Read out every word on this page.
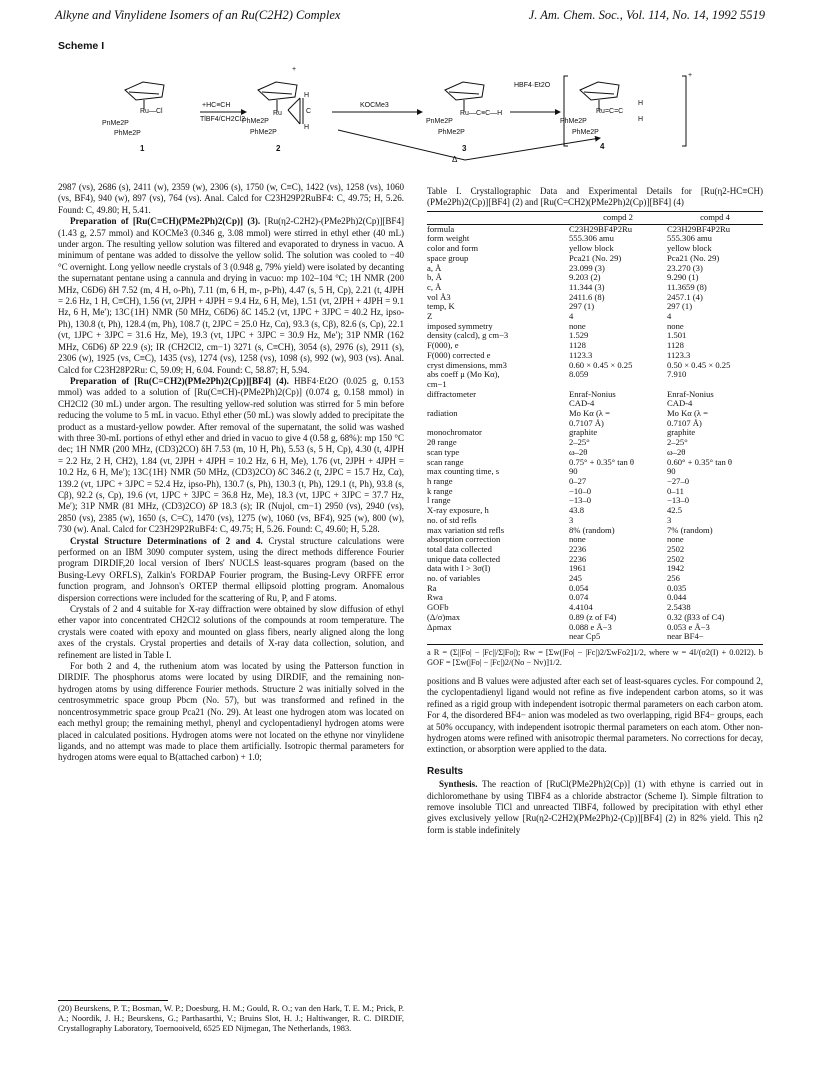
Alkyne and Vinylidene Isomers of an Ru(C2H2) Complex	J. Am. Chem. Soc., Vol. 114, No. 14, 1992 5519
Scheme I
Ru—Cl
PnMe2P
PhMe2P
1
+HC≡CH
TlBF4/CH2Cl2
+
H
H
C
Ru
PhMe2P
PhMe2P
2
KOCMe3
Ru—C≡C—H
PnMe2P
PhMe2P
3
HBF4·Et2O
+
Ru=C=C
H
H
PhMe2P
PhMe2P
4
Δ

2987 (vs), 2686 (s), 2411 (w), 2359 (w), 2306 (s), 1750 (w, C≡C), 1422 (vs), 1258 (vs), 1060 (vs, BF4), 940 (w), 897 (vs), 764 (vs). Anal. Calcd for C23H29P2RuBF4: C, 49.75; H, 5.26. Found: C, 49.80; H, 5.41.

Preparation of [Ru(C≡CH)(PMe2Ph)2(Cp)] (3). [Ru(η2-C2H2)-(PMe2Ph)2(Cp)][BF4] (1.43 g, 2.57 mmol) and KOCMe3 (0.346 g, 3.08 mmol) were stirred in ethyl ether (40 mL) under argon. The resulting yellow solution was filtered and evaporated to dryness in vacuo. A minimum of pentane was added to dissolve the yellow solid. The solution was cooled to −40 °C overnight. Long yellow needle crystals of 3 (0.948 g, 79% yield) were isolated by decanting the supernatant pentane using a cannula and drying in vacuo: mp 102–104 °C; 1H NMR (200 MHz, C6D6) δH 7.52 (m, 4 H, o-Ph), 7.11 (m, 6 H, m-, p-Ph), 4.47 (s, 5 H, Cp), 2.21 (t, 4JPH = 2.6 Hz, 1 H, C≡CH), 1.56 (vt, 2JPH + 4JPH = 9.4 Hz, 6 H, Me), 1.51 (vt, 2JPH + 4JPH = 9.1 Hz, 6 H, Me′); 13C{1H} NMR (50 MHz, C6D6) δC 145.2 (vt, 1JPC + 3JPC = 40.2 Hz, ipso-Ph), 130.8 (t, Ph), 128.4 (m, Ph), 108.7 (t, 2JPC = 25.0 Hz, Cα), 93.3 (s, Cβ), 82.6 (s, Cp), 22.1 (vt, 1JPC + 3JPC = 31.6 Hz, Me), 19.3 (vt, 1JPC + 3JPC = 30.9 Hz, Me′); 31P NMR (162 MHz, C6D6) δP 22.9 (s); IR (CH2Cl2, cm−1) 3271 (s, C≡CH), 3054 (s), 2976 (s), 2911 (s), 2306 (w), 1925 (vs, C≡C), 1435 (vs), 1274 (vs), 1258 (vs), 1098 (s), 992 (w), 903 (vs). Anal. Calcd for C23H28P2Ru: C, 59.09; H, 6.04. Found: C, 58.87; H, 5.94.

Preparation of [Ru(C=CH2)(PMe2Ph)2(Cp)][BF4] (4). HBF4·Et2O (0.025 g, 0.153 mmol) was added to a solution of [Ru(C≡CH)-(PMe2Ph)2(Cp)] (0.074 g, 0.158 mmol) in CH2Cl2 (30 mL) under argon. The resulting yellow-red solution was stirred for 5 min before reducing the volume to 5 mL in vacuo. Ethyl ether (50 mL) was slowly added to precipitate the product as a mustard-yellow powder. After removal of the supernatant, the solid was washed with three 30-mL portions of ethyl ether and dried in vacuo to give 4 (0.58 g, 68%): mp 150 °C dec; 1H NMR (200 MHz, (CD3)2CO) δH 7.53 (m, 10 H, Ph), 5.53 (s, 5 H, Cp), 4.30 (t, 4JPH = 2.2 Hz, 2 H, CH2), 1.84 (vt, 2JPH + 4JPH = 10.2 Hz, 6 H, Me), 1.76 (vt, 2JPH + 4JPH = 10.2 Hz, 6 H, Me′); 13C{1H} NMR (50 MHz, (CD3)2CO) δC 346.2 (t, 2JPC = 15.7 Hz, Cα), 139.2 (vt, 1JPC + 3JPC = 52.4 Hz, ipso-Ph), 130.7 (s, Ph), 130.3 (t, Ph), 129.1 (t, Ph), 93.8 (s, Cβ), 92.2 (s, Cp), 19.6 (vt, 1JPC + 3JPC = 36.8 Hz, Me), 18.3 (vt, 1JPC + 3JPC = 37.7 Hz, Me′); 31P NMR (81 MHz, (CD3)2CO) δP 18.3 (s); IR (Nujol, cm−1) 2950 (vs), 2940 (vs), 2850 (vs), 2385 (w), 1650 (s, C=C), 1470 (vs), 1275 (w), 1060 (vs, BF4), 925 (w), 800 (w), 730 (w). Anal. Calcd for C23H29P2RuBF4: C, 49.75; H, 5.26. Found: C, 49.60; H, 5.28.

Crystal Structure Determinations of 2 and 4. Crystal structure calculations were performed on an IBM 3090 computer system, using the direct methods difference Fourier program DIRDIF,20 local version of Ibers' NUCLS least-squares program (based on the Busing-Levy ORFLS), Zalkin's FORDAP Fourier program, the Busing-Levy ORFFE error function program, and Johnson's ORTEP thermal ellipsoid plotting program. Anomalous dispersion corrections were included for the scattering of Ru, P, and F atoms.

Crystals of 2 and 4 suitable for X-ray diffraction were obtained by slow diffusion of ethyl ether vapor into concentrated CH2Cl2 solutions of the compounds at room temperature. The crystals were coated with epoxy and mounted on glass fibers, nearly aligned along the long axes of the crystals. Crystal properties and details of X-ray data collection, solution, and refinement are listed in Table I.

For both 2 and 4, the ruthenium atom was located by using the Patterson function in DIRDIF. The phosphorus atoms were located by using DIRDIF, and the remaining non-hydrogen atoms by using difference Fourier methods. Structure 2 was initially solved in the centrosymmetric space group Pbcm (No. 57), but was transformed and refined in the noncentrosymmetric space group Pca21 (No. 29). At least one hydrogen atom was located on each methyl group; the remaining methyl, phenyl and cyclopentadienyl hydrogen atoms were placed in calculated positions. Hydrogen atoms were not located on the ethyne nor vinylidene ligands, and no attempt was made to place them artificially. Isotropic thermal parameters for hydrogen atoms were equal to B(attached carbon) + 1.0;

(20) Beurskens, P. T.; Bosman, W. P.; Doesburg, H. M.; Gould, R. O.; van den Hark, T. E. M.; Prick, P. A.; Noordik, J. H.; Beurskens, G.; Parthasarthi, V.; Bruins Slot, H. J.; Haltiwanger, R. C. DIRDIF, Crystallography Laboratory, Toernooiveld, 6525 ED Nijmegan, The Netherlands, 1983.
Table I. Crystallographic Data and Experimental Details for [Ru(η2-HC≡CH)(PMe2Ph)2(Cp)][BF4] (2) and [Ru(C=CH2)(PMe2Ph)2(Cp)][BF4] (4)
	compd 2	compd 4
formula	C23H29BF4P2Ru	C23H29BF4P2Ru
form weight	555.306 amu	555.306 amu
color and form	yellow block	yellow block
space group	Pca21 (No. 29)	Pca21 (No. 29)
a, Å	23.099 (3)	23.270 (3)
b, Å	9.203 (2)	9.290 (1)
c, Å	11.344 (3)	11.3659 (8)
vol Å3	2411.6 (8)	2457.1 (4)
temp, K	297 (1)	297 (1)
Z	4	4
imposed symmetry	none	none
density (calcd), g cm−3	1.529	1.501
F(000), e	1128	1128
F(000) corrected e	1123.3	1123.3
cryst dimensions, mm3	0.60 × 0.45 × 0.25	0.50 × 0.45 × 0.25
abs coeff μ (Mo Kα),	8.059	7.910
cm−1		
diffractometer	Enraf-Nonius	Enraf-Nonius
	CAD-4	CAD-4
radiation	Mo Kα (λ =	Mo Kα (λ =
	0.7107 Å)	0.7107 Å)
monochromator	graphite	graphite
2θ range	2–25°	2–25°
scan type	ω–2θ	ω–2θ
scan range	0.75° + 0.35° tan θ	0.60° + 0.35° tan θ
max counting time, s	90	90
h range	0–27	−27–0
k range	−10–0	0–11
l range	−13–0	−13–0
X-ray exposure, h	43.8	42.5
no. of std refls	3	3
max variation std refls	8% (random)	7% (random)
absorption correction	none	none
total data collected	2236	2502
unique data collected	2236	2502
data with I > 3σ(I)	1961	1942
no. of variables	245	256
Ra	0.054	0.035
Rwa	0.074	0.044
GOFb	4.4104	2.5438
(Δ/σ)max	0.89 (z of F4)	0.32 (β33 of C4)
Δρmax	0.088 e Å−3	0.053 e Å−3
	near Cp5	near BF4−
a R = (Σ||Fo| − |Fc||/Σ|Fo|); Rw = [Σw(|Fo| − |Fc|)2/ΣwFo2]1/2, where w = 4I/(σ2(I) + 0.02I2). b GOF = [Σw(|Fo| − |Fc|)2/(No − Nv)]1/2.

positions and B values were adjusted after each set of least-squares cycles. For compound 2, the cyclopentadienyl ligand would not refine as five independent carbon atoms, so it was refined as a rigid group with independent isotropic thermal parameters on each carbon atom. For 4, the disordered BF4− anion was modeled as two overlapping, rigid BF4− groups, each at 50% occupancy, with independent isotropic thermal parameters on each atom. Other non-hydrogen atoms were refined with anisotropic thermal parameters. No corrections for decay, extinction, or absorption were applied to the data.

Results

Synthesis. The reaction of [RuCl(PMe2Ph)2(Cp)] (1) with ethyne is carried out in dichloromethane by using TlBF4 as a chloride abstractor (Scheme I). Simple filtration to remove insoluble TlCl and unreacted TlBF4, followed by precipitation with ethyl ether gives exclusively yellow [Ru(η2-C2H2)(PMe2Ph)2-(Cp)][BF4] (2) in 82% yield. This η2 form is stable indefinitely
